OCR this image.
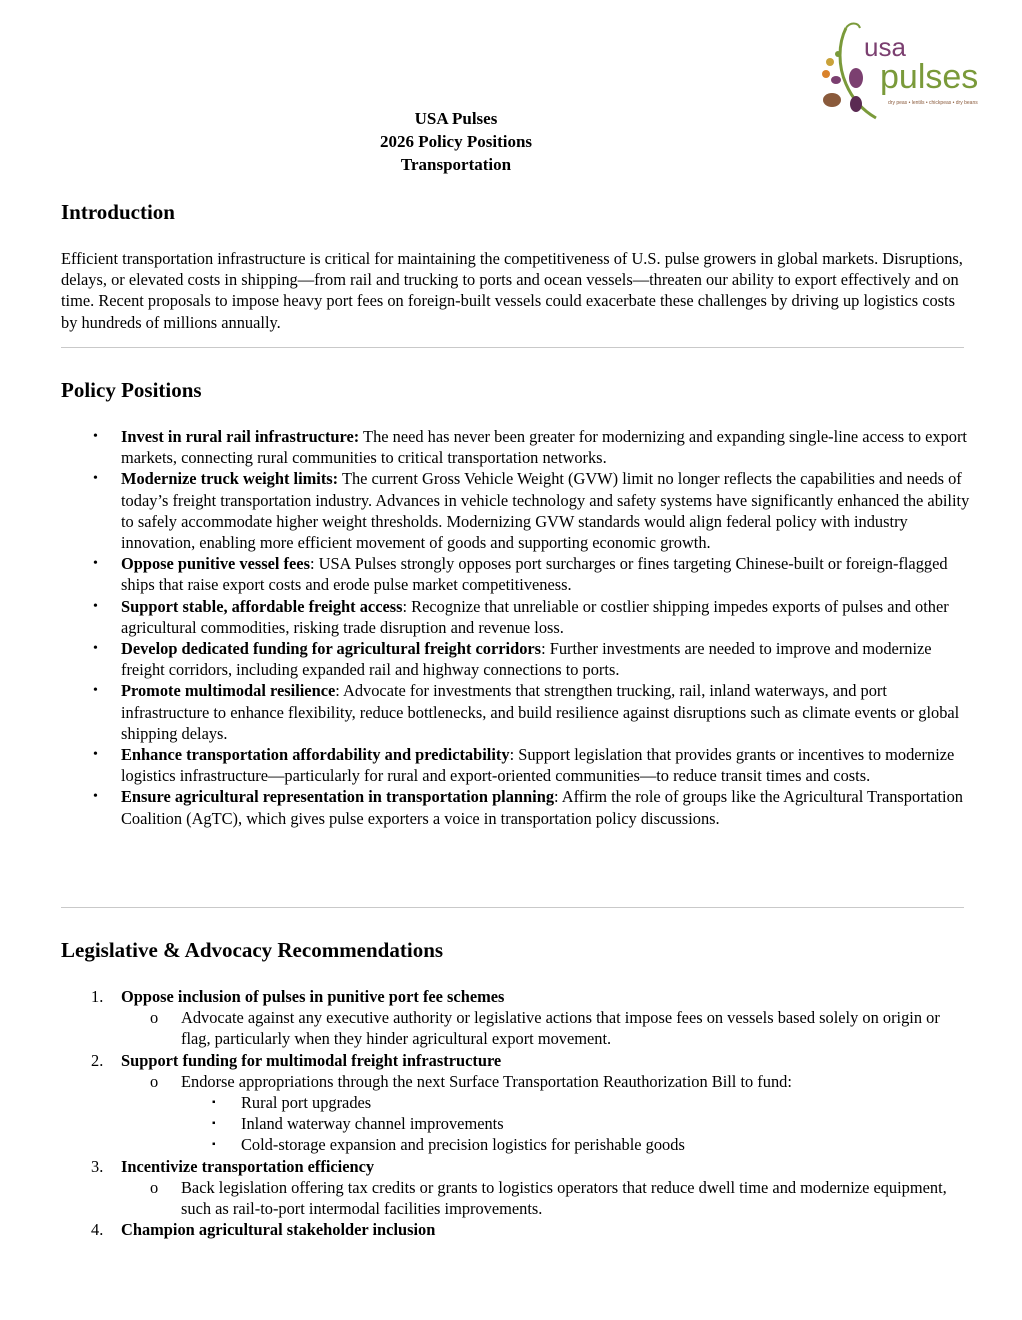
usa
pulses
dry peas • lentils • chickpeas • dry beans
USA Pulses
2026 Policy Positions
Transportation
Introduction

Efficient transportation infrastructure is critical for maintaining the competitiveness of U.S. pulse growers in global markets. Disruptions, delays, or elevated costs in shipping—from rail and trucking to ports and ocean vessels—threaten our ability to export effectively and on time. Recent proposals to impose heavy port fees on foreign-built vessels could exacerbate these challenges by driving up logistics costs by hundreds of millions annually.

Policy Positions
• Invest in rural rail infrastructure: The need has never been greater for modernizing and expanding single-line access to export markets, connecting rural communities to critical transportation networks.
• Modernize truck weight limits: The current Gross Vehicle Weight (GVW) limit no longer reflects the capabilities and needs of today’s freight transportation industry. Advances in vehicle technology and safety systems have significantly enhanced the ability to safely accommodate higher weight thresholds. Modernizing GVW standards would align federal policy with industry innovation, enabling more efficient movement of goods and supporting economic growth.
• Oppose punitive vessel fees: USA Pulses strongly opposes port surcharges or fines targeting Chinese-built or foreign-flagged ships that raise export costs and erode pulse market competitiveness.
• Support stable, affordable freight access: Recognize that unreliable or costlier shipping impedes exports of pulses and other agricultural commodities, risking trade disruption and revenue loss.
• Develop dedicated funding for agricultural freight corridors: Further investments are needed to improve and modernize freight corridors, including expanded rail and highway connections to ports.
• Promote multimodal resilience: Advocate for investments that strengthen trucking, rail, inland waterways, and port infrastructure to enhance flexibility, reduce bottlenecks, and build resilience against disruptions such as climate events or global shipping delays.
• Enhance transportation affordability and predictability: Support legislation that provides grants or incentives to modernize logistics infrastructure—particularly for rural and export-oriented communities—to reduce transit times and costs.
• Ensure agricultural representation in transportation planning: Affirm the role of groups like the Agricultural Transportation Coalition (AgTC), which gives pulse exporters a voice in transportation policy discussions.
Legislative & Advocacy Recommendations
1. Oppose inclusion of pulses in punitive port fee schemes
o Advocate against any executive authority or legislative actions that impose fees on vessels based solely on origin or flag, particularly when they hinder agricultural export movement.
2. Support funding for multimodal freight infrastructure
o Endorse appropriations through the next Surface Transportation Reauthorization Bill to fund:
▪ Rural port upgrades
▪ Inland waterway channel improvements
▪ Cold-storage expansion and precision logistics for perishable goods
3. Incentivize transportation efficiency
o Back legislation offering tax credits or grants to logistics operators that reduce dwell time and modernize equipment, such as rail-to-port intermodal facilities improvements.
4. Champion agricultural stakeholder inclusion
